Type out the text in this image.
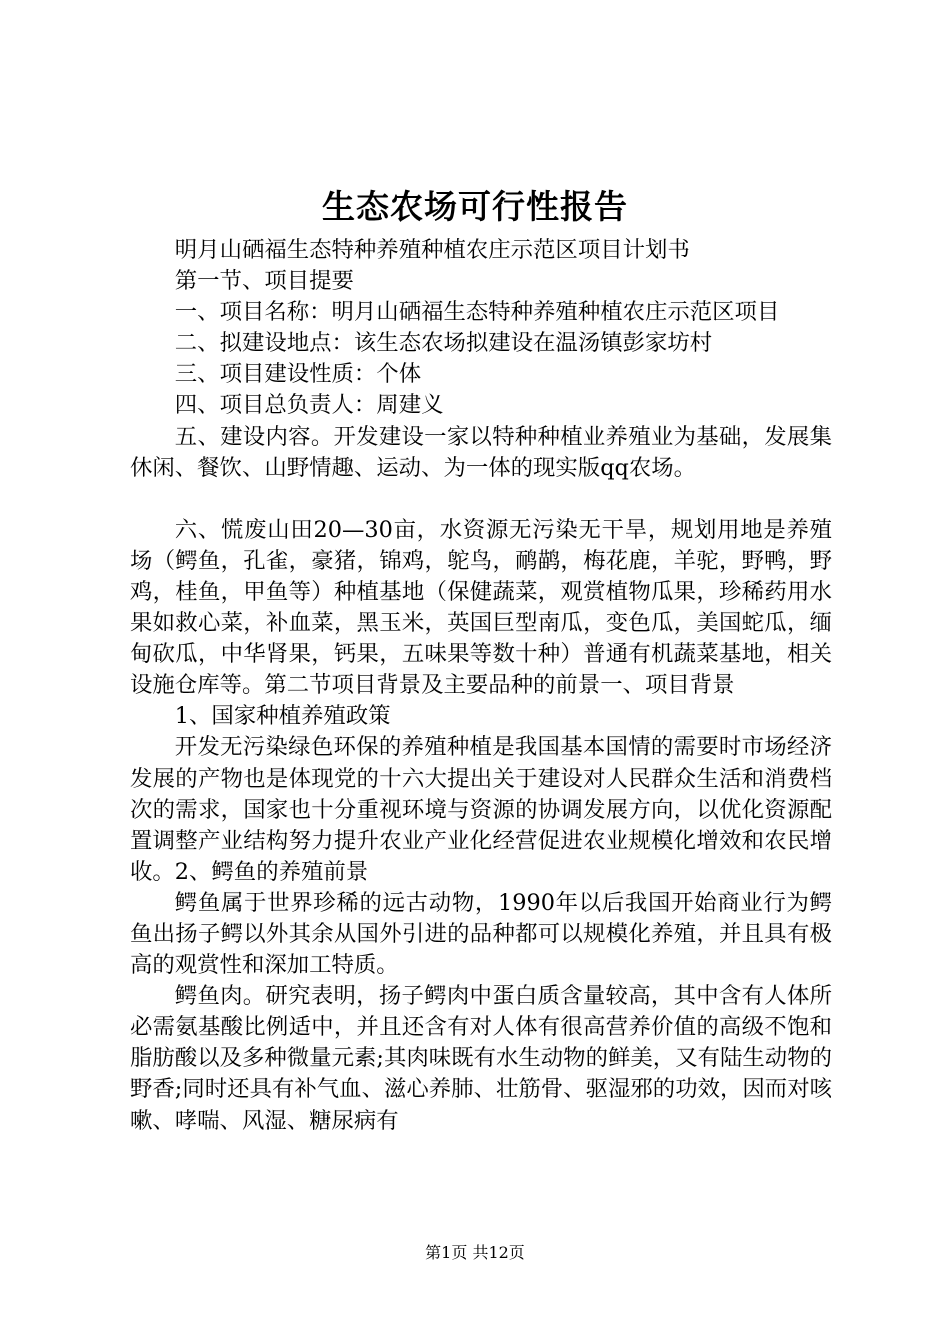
生态农场可行性报告

明月山硒福生态特种养殖种植农庄示范区项目计划书

第一节、项目提要

一、项目名称：明月山硒福生态特种养殖种植农庄示范区项目

二、拟建设地点：该生态农场拟建设在温汤镇彭家坊村

三、项目建设性质：个体

四、项目总负责人：周建义

五、建设内容。开发建设一家以特种种植业养殖业为基础，发展集休闲、餐饮、山野情趣、运动、为一体的现实版qq农场。

六、慌废山田20—30亩，水资源无污染无干旱，规划用地是养殖场（鳄鱼，孔雀，豪猪，锦鸡，鸵鸟，鸸鹋，梅花鹿，羊驼，野鸭，野鸡，桂鱼，甲鱼等）种植基地（保健蔬菜，观赏植物瓜果，珍稀药用水果如救心菜，补血菜，黑玉米，英国巨型南瓜，变色瓜，美国蛇瓜，缅甸砍瓜，中华肾果，钙果，五味果等数十种）普通有机蔬菜基地，相关设施仓库等。第二节项目背景及主要品种的前景一、项目背景

1、国家种植养殖政策

开发无污染绿色环保的养殖种植是我国基本国情的需要时市场经济发展的产物也是体现党的十六大提出关于建设对人民群众生活和消费档次的需求，国家也十分重视环境与资源的协调发展方向，以优化资源配置调整产业结构努力提升农业产业化经营促进农业规模化增效和农民增收。2、鳄鱼的养殖前景

鳄鱼属于世界珍稀的远古动物，1990年以后我国开始商业行为鳄鱼出扬子鳄以外其余从国外引进的品种都可以规模化养殖，并且具有极高的观赏性和深加工特质。

鳄鱼肉。研究表明，扬子鳄肉中蛋白质含量较高，其中含有人体所必需氨基酸比例适中，并且还含有对人体有很高营养价值的高级不饱和脂肪酸以及多种微量元素;其肉味既有水生动物的鲜美，又有陆生动物的野香;同时还具有补气血、滋心养肺、壮筋骨、驱湿邪的功效，因而对咳嗽、哮喘、风湿、糖尿病有

第1页 共12页
